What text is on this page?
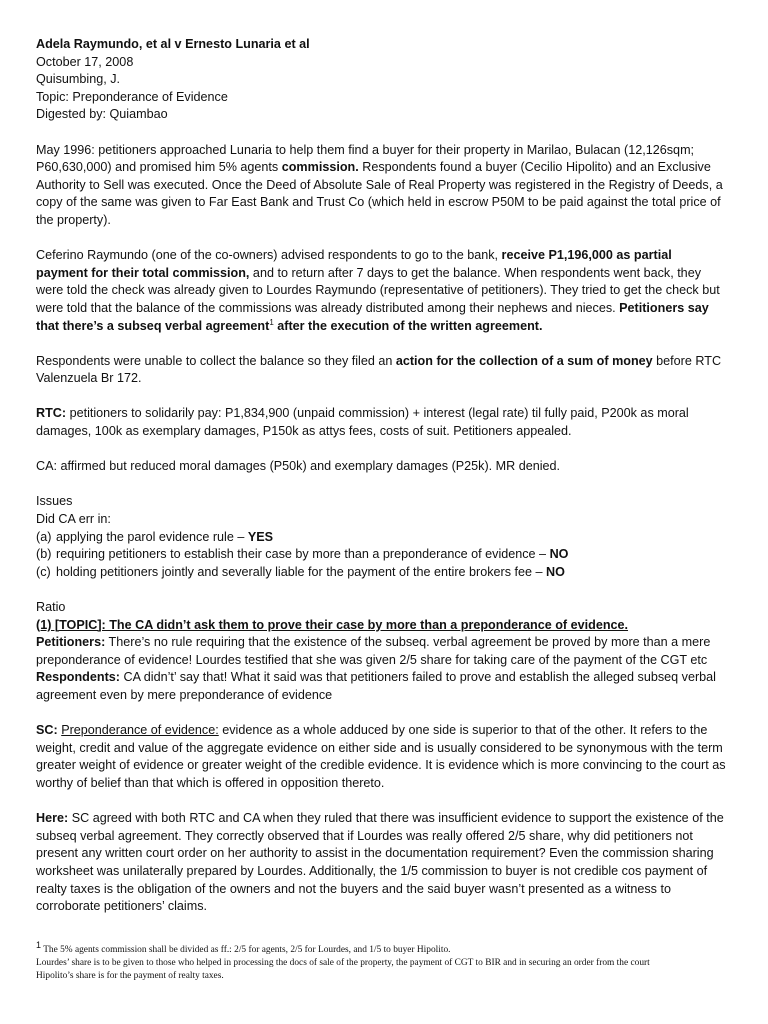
Adela Raymundo, et al v Ernesto Lunaria et al

October 17, 2008

Quisumbing, J.

Topic: Preponderance of Evidence

Digested by: Quiambao

May 1996: petitioners approached Lunaria to help them find a buyer for their property in Marilao, Bulacan (12,126sqm; P60,630,000) and promised him 5% agents commission. Respondents found a buyer (Cecilio Hipolito) and an Exclusive Authority to Sell was executed. Once the Deed of Absolute Sale of Real Property was registered in the Registry of Deeds, a copy of the same was given to Far East Bank and Trust Co (which held in escrow P50M to be paid against the total price of the property).

Ceferino Raymundo (one of the co-owners) advised respondents to go to the bank, receive P1,196,000 as partial payment for their total commission, and to return after 7 days to get the balance. When respondents went back, they were told the check was already given to Lourdes Raymundo (representative of petitioners). They tried to get the check but were told that the balance of the commissions was already distributed among their nephews and nieces. Petitioners say that there’s a subseq verbal agreement$^1$ after the execution of the written agreement.

Respondents were unable to collect the balance so they filed an action for the collection of a sum of money before RTC Valenzuela Br 172.

RTC: petitioners to solidarily pay: P1,834,900 (unpaid commission) + interest (legal rate) til fully paid, P200k as moral damages, 100k as exemplary damages, P150k as attys fees, costs of suit. Petitioners appealed.

CA: affirmed but reduced moral damages (P50k) and exemplary damages (P25k). MR denied.

Issues

Did CA err in:

(a) applying the parol evidence rule – YES
(b) requiring petitioners to establish their case by more than a preponderance of evidence – NO
(c) holding petitioners jointly and severally liable for the payment of the entire brokers fee – NO

Ratio

(1) [TOPIC]: The CA didn’t ask them to prove their case by more than a preponderance of evidence.

Petitioners: There’s no rule requiring that the existence of the subseq. verbal agreement be proved by more than a mere preponderance of evidence! Lourdes testified that she was given 2/5 share for taking care of the payment of the CGT etc

Respondents: CA didn’t’ say that! What it said was that petitioners failed to prove and establish the alleged subseq verbal agreement even by mere preponderance of evidence

SC: Preponderance of evidence: evidence as a whole adduced by one side is superior to that of the other. It refers to the weight, credit and value of the aggregate evidence on either side and is usually considered to be synonymous with the term greater weight of evidence or greater weight of the credible evidence. It is evidence which is more convincing to the court as worthy of belief than that which is offered in opposition thereto.

Here: SC agreed with both RTC and CA when they ruled that there was insufficient evidence to support the existence of the subseq verbal agreement. They correctly observed that if Lourdes was really offered 2/5 share, why did petitioners not present any written court order on her authority to assist in the documentation requirement? Even the commission sharing worksheet was unilaterally prepared by Lourdes. Additionally, the 1/5 commission to buyer is not credible cos payment of realty taxes is the obligation of the owners and not the buyers and the said buyer wasn’t presented as a witness to corroborate petitioners’ claims.

$^1$ The 5% agents commission shall be divided as ff.: 2/5 for agents, 2/5 for Lourdes, and 1/5 to buyer Hipolito.

Lourdes’ share is to be given to those who helped in processing the docs of sale of the property, the payment of CGT to BIR and in securing an order from the court

Hipolito’s share is for the payment of realty taxes.
